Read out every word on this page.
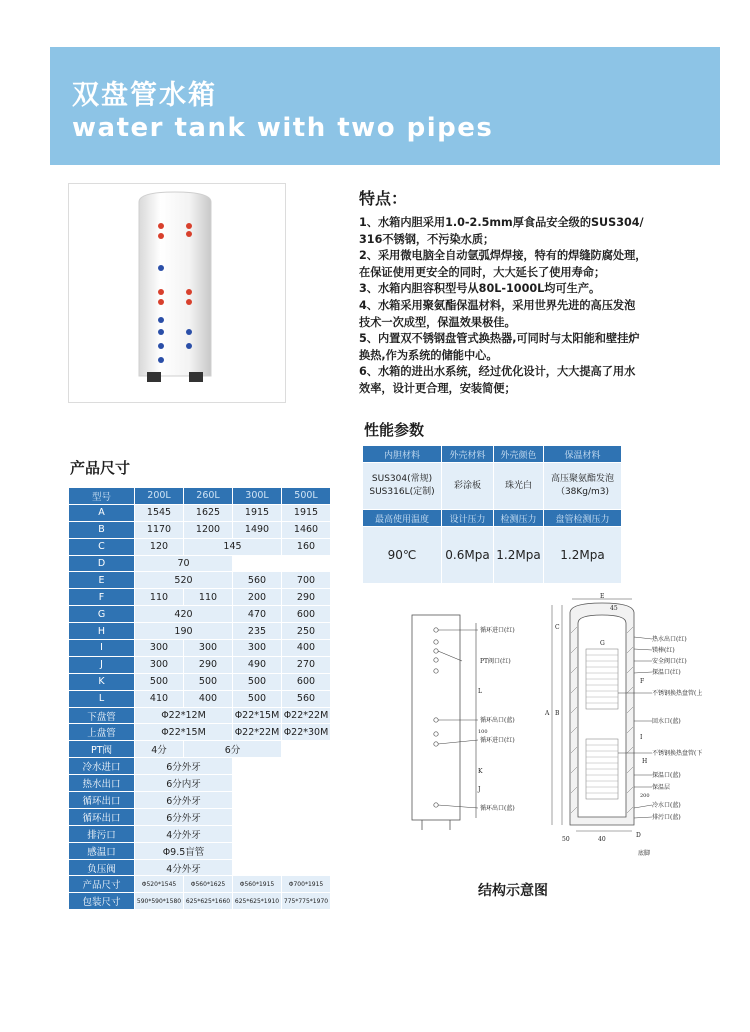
双盘管水箱
water tank with two pipes
特点：

1、水箱内胆采用1.0-2.5mm厚食品安全级的SUS304/

316不锈钢，不污染水质；

2、采用微电脑全自动氩弧焊焊接，特有的焊缝防腐处理，

在保证使用更安全的同时，大大延长了使用寿命；

3、水箱内胆容积型号从80L-1000L均可生产。

4、水箱采用聚氨酯保温材料，采用世界先进的高压发泡

技术一次成型，保温效果极佳。

5、内置双不锈钢盘管式换热器,可同时与太阳能和壁挂炉

换热,作为系统的储能中心。

6、水箱的进出水系统，经过优化设计，大大提高了用水

效率，设计更合理，安装简便；

性能参数
内胆材料	外壳材料	外壳颜色	保温材料
SUS304(常规)
SUS316L(定制)	彩涂板	珠光白	高压聚氨酯发泡
（38Kg/m3)
最高使用温度	设计压力	检测压力	盘管检测压力
90℃	0.6Mpa	1.2Mpa	1.2Mpa
产品尺寸
型号	200L	260L	300L	500L
A	1545	1625	1915	1915
B	1170	1200	1490	1460
C	120	145		160
D	70			
E	520		560	700
F	110	110	200	290
G	420		470	600
H	190		235	250
I	300	300	300	400
J	300	290	490	270
K	500	500	500	600
L	410	400	500	560
下盘管	Φ22*12M		Φ22*15M	Φ22*22M
上盘管	Φ22*15M		Φ22*22M	Φ22*30M
PT阀	4分	6分		
冷水进口	6分外牙			
热水出口	6分内牙			
循环出口	6分外牙			
循环出口	6分外牙			
排污口	4分外牙			
感温口	Φ9.5盲管			
负压阀	4分外牙			
产品尺寸	Φ520*1545	Φ560*1625	Φ560*1915	Φ700*1915
包装尺寸	590*590*1580	625*625*1660	625*625*1910	775*775*1970
循环进口(红)
PT阀口(红)
循环出口(蓝)
循环进口(红)
循环出口(蓝)
L
100
K
J
热水出口(红)
镁棒(红)
安全阀口(红)
探温口(红)
不锈钢换热盘管(上)
回水口(蓝)
不锈钢换热盘管(下)
探温口(蓝)
保温层
冷水口(蓝)
排污口(蓝)
E
45
C
G
B
A
D
50	40
F
I
H
200
底脚
结构示意图
